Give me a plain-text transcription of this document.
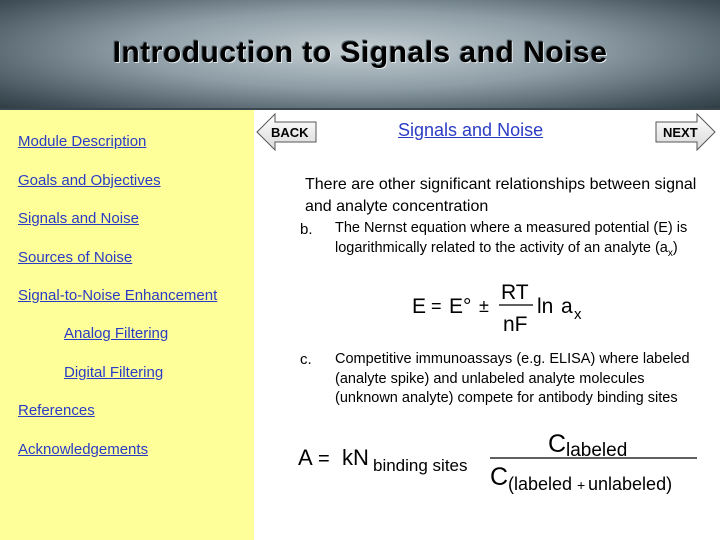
Introduction to Signals and Noise
Module Description
Goals and Objectives
Signals and Noise
Sources of Noise
Signal-to-Noise Enhancement
Analog Filtering
Digital Filtering
References
Acknowledgements
BACK	NEXT
Signals and Noise

There are other significant relationships between signal and analyte concentration

b. The Nernst equation where a measured potential (E) is logarithmically related to the activity of an analyte $(a_x)$

E = E° ±
RT
nF
ln a x
c. Competitive immunoassays (e.g. ELISA) where labeled (analyte spike) and unlabeled analyte molecules (unknown analyte) compete for antibody binding sites

A = kN binding sites
C labeled
C (labeled + unlabeled)
